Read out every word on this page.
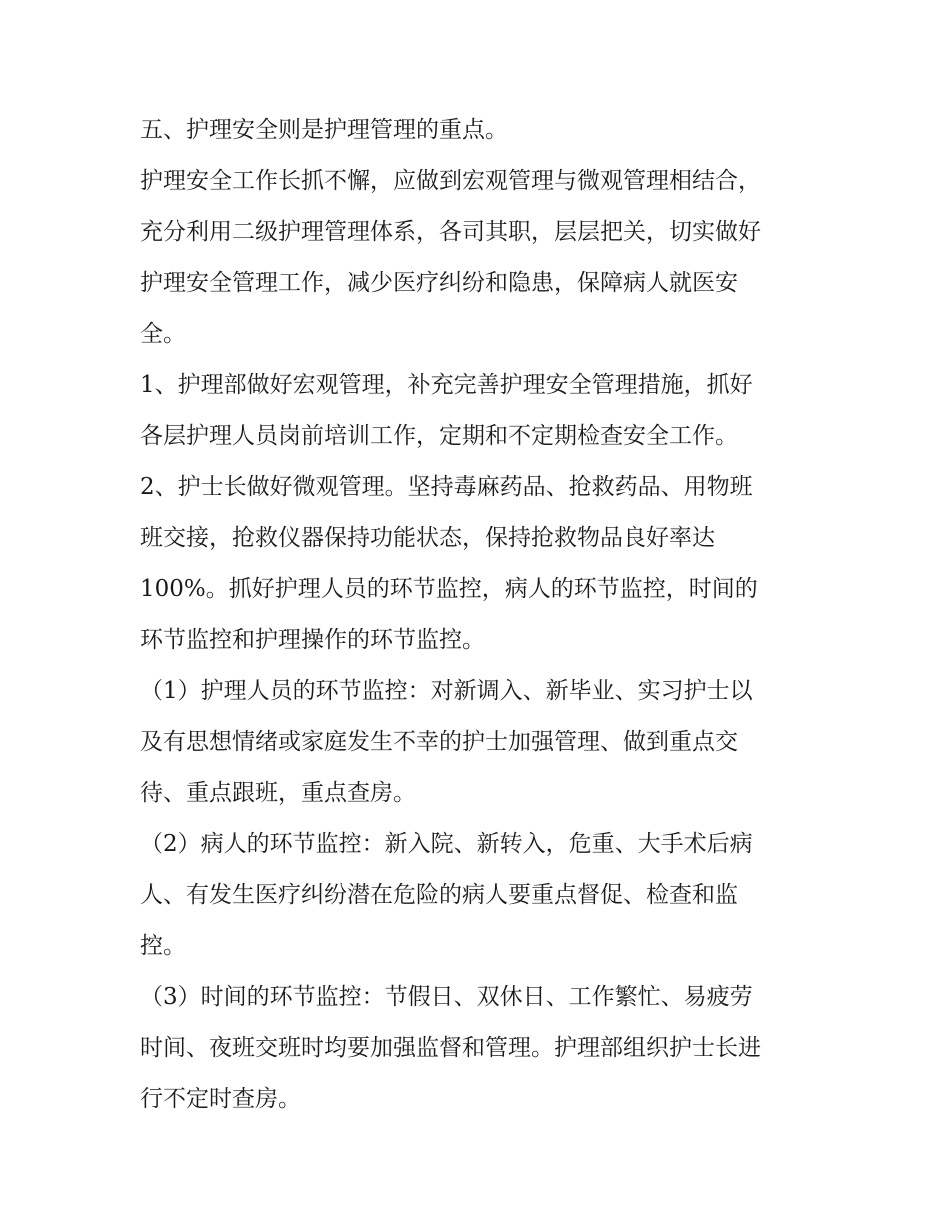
五、护理安全则是护理管理的重点。
护理安全工作长抓不懈，应做到宏观管理与微观管理相结合，
充分利用二级护理管理体系，各司其职，层层把关，切实做好
护理安全管理工作，减少医疗纠纷和隐患，保障病人就医安
全。
1、护理部做好宏观管理，补充完善护理安全管理措施，抓好
各层护理人员岗前培训工作，定期和不定期检查安全工作。
2、护士长做好微观管理。坚持毒麻药品、抢救药品、用物班
班交接，抢救仪器保持功能状态，保持抢救物品良好率达
100%。抓好护理人员的环节监控，病人的环节监控，时间的
环节监控和护理操作的环节监控。
（1）护理人员的环节监控：对新调入、新毕业、实习护士以
及有思想情绪或家庭发生不幸的护士加强管理、做到重点交
待、重点跟班，重点查房。
（2）病人的环节监控：新入院、新转入，危重、大手术后病
人、有发生医疗纠纷潜在危险的病人要重点督促、检查和监
控。
（3）时间的环节监控：节假日、双休日、工作繁忙、易疲劳
时间、夜班交班时均要加强监督和管理。护理部组织护士长进
行不定时查房。
